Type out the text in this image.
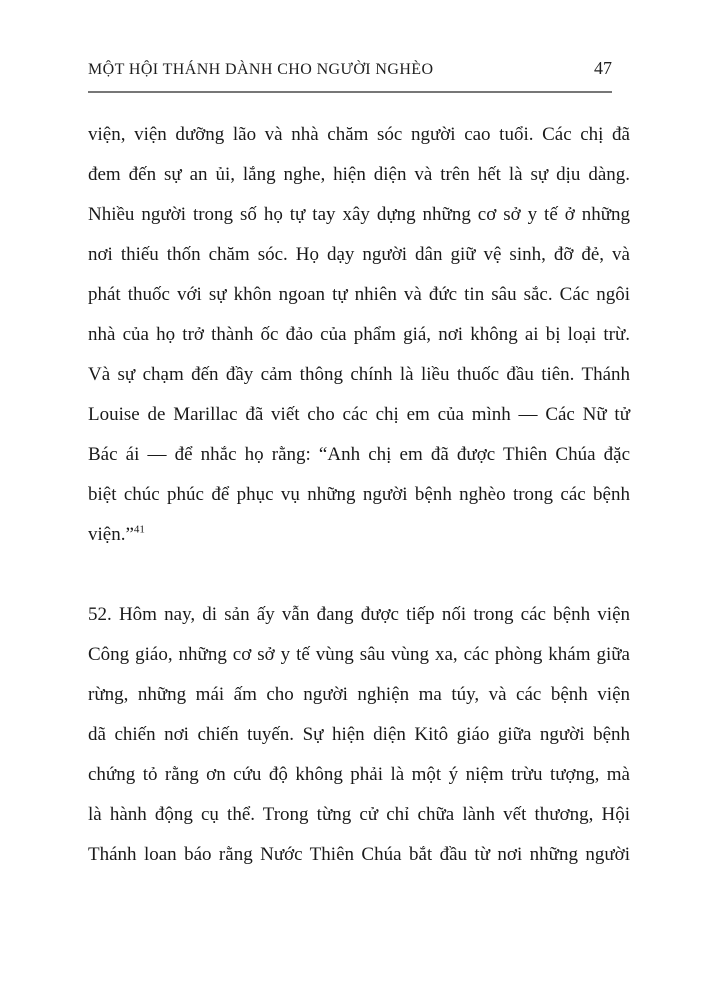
MỘT HỘI THÁNH DÀNH CHO NGƯỜI NGHÈO	47
viện, viện dưỡng lão và nhà chăm sóc người cao tuổi. Các chị đã
đem đến sự an ủi, lắng nghe, hiện diện và trên hết là sự dịu dàng.
Nhiều người trong số họ tự tay xây dựng những cơ sở y tế ở những
nơi thiếu thốn chăm sóc. Họ dạy người dân giữ vệ sinh, đỡ đẻ, và
phát thuốc với sự khôn ngoan tự nhiên và đức tin sâu sắc. Các ngôi
nhà của họ trở thành ốc đảo của phẩm giá, nơi không ai bị loại trừ.
Và sự chạm đến đầy cảm thông chính là liều thuốc đầu tiên. Thánh
Louise de Marillac đã viết cho các chị em của mình — Các Nữ tử
Bác ái — để nhắc họ rằng: “Anh chị em đã được Thiên Chúa đặc
biệt chúc phúc để phục vụ những người bệnh nghèo trong các bệnh
viện.”$^{41}$
52. Hôm nay, di sản ấy vẫn đang được tiếp nối trong các bệnh viện
Công giáo, những cơ sở y tế vùng sâu vùng xa, các phòng khám giữa
rừng, những mái ấm cho người nghiện ma túy, và các bệnh viện
dã chiến nơi chiến tuyến. Sự hiện diện Kitô giáo giữa người bệnh
chứng tỏ rằng ơn cứu độ không phải là một ý niệm trừu tượng, mà
là hành động cụ thể. Trong từng cử chỉ chữa lành vết thương, Hội
Thánh loan báo rằng Nước Thiên Chúa bắt đầu từ nơi những người
